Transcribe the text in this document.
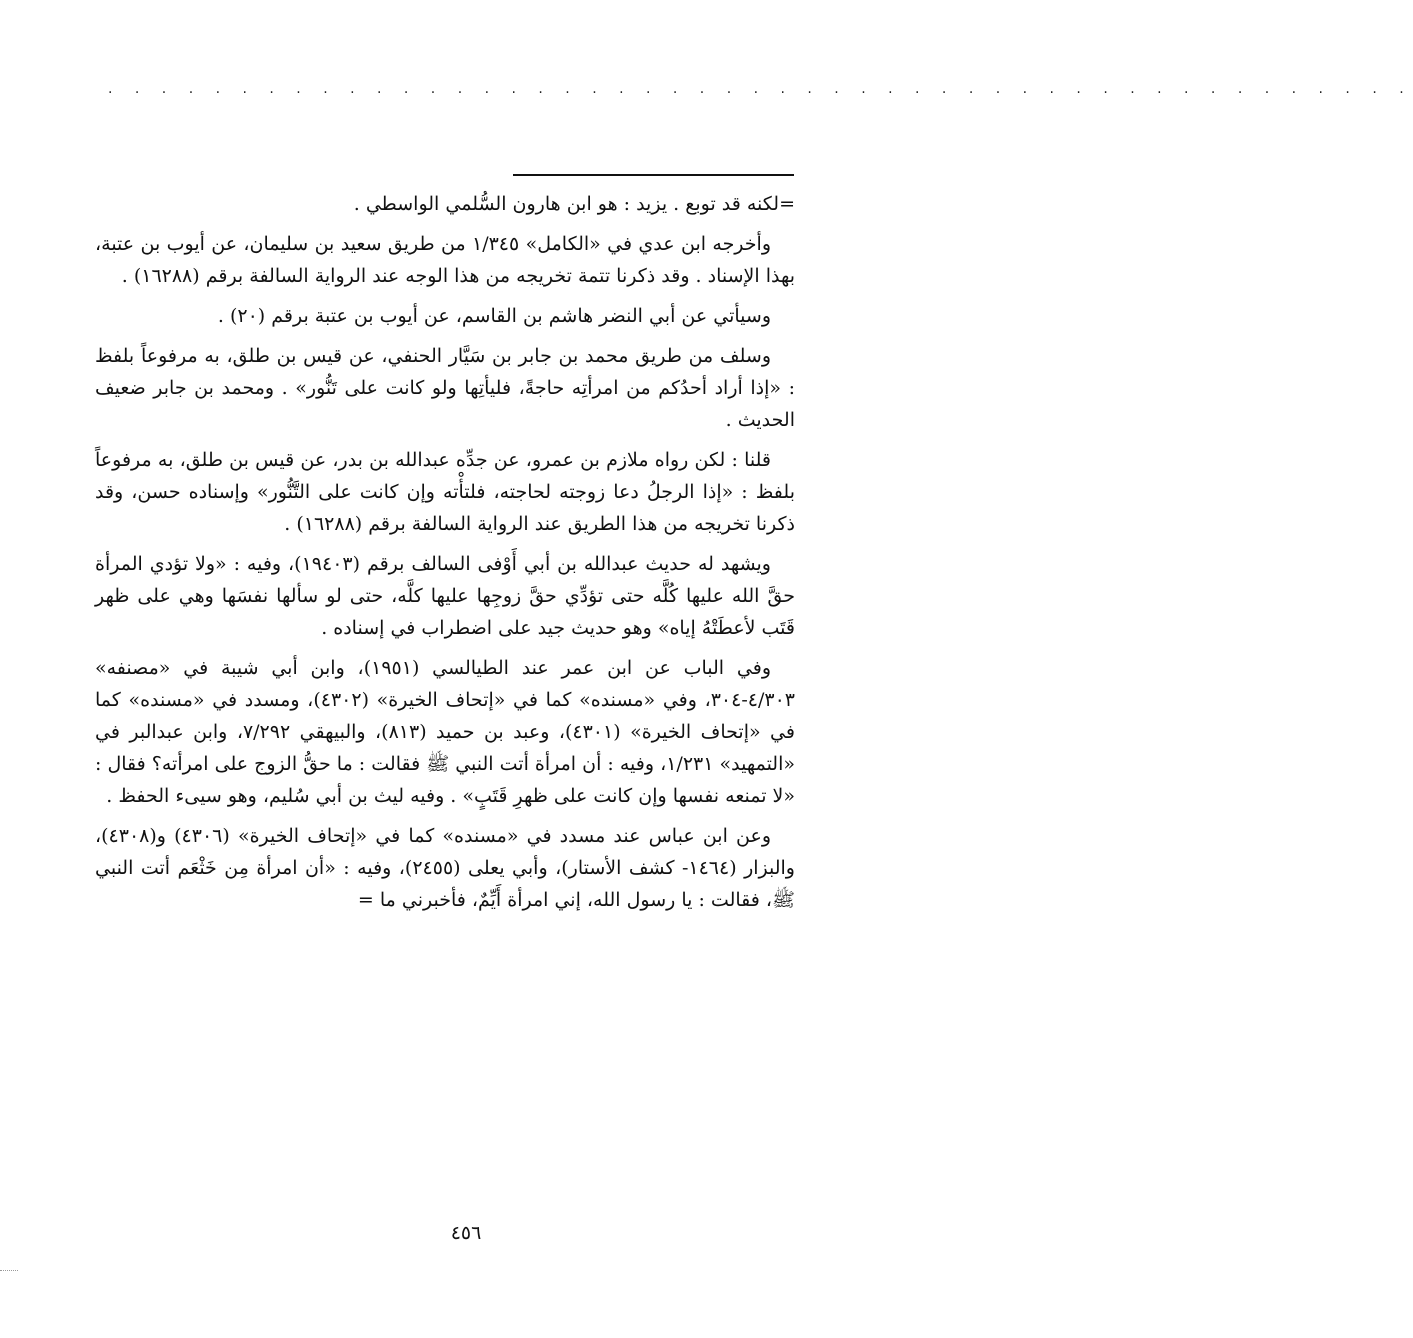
· · · · · · · · · · · · · · · · · · · · · · · · · · · · · · · · · · · · · · · · · · · · · · · · ·

=لكنه قد توبع . يزيد : هو ابن هارون السُّلمي الواسطي .

وأخرجه ابن عدي في «الكامل» ١/٣٤٥ من طريق سعيد بن سليمان، عن أيوب بن عتبة، بهذا الإسناد . وقد ذكرنا تتمة تخريجه من هذا الوجه عند الرواية السالفة برقم (١٦٢٨٨) .

وسيأتي عن أبي النضر هاشم بن القاسم، عن أيوب بن عتبة برقم (٢٠) .

وسلف من طريق محمد بن جابر بن سَيَّار الحنفي، عن قيس بن طلق، به مرفوعاً بلفظ : «إذا أراد أحدُكم من امرأتِه حاجةً، فليأتِها ولو كانت على تَنُّور» . ومحمد بن جابر ضعيف الحديث .

قلنا : لكن رواه ملازم بن عمرو، عن جدِّه عبدالله بن بدر، عن قيس بن طلق، به مرفوعاً بلفظ : «إذا الرجلُ دعا زوجته لحاجته، فلتأْته وإن كانت على التَّنُّور» وإسناده حسن، وقد ذكرنا تخريجه من هذا الطريق عند الرواية السالفة برقم (١٦٢٨٨) .

ويشهد له حديث عبدالله بن أبي أَوْفى السالف برقم (١٩٤٠٣)، وفيه : «ولا تؤدي المرأة حقَّ الله عليها كُلَّه حتى تؤدِّي حقَّ زوجِها عليها كلَّه، حتى لو سألها نفسَها وهي على ظهر قَتَب لأعطَتْهُ إياه» وهو حديث جيد على اضطراب في إسناده .

وفي الباب عن ابن عمر عند الطيالسي (١٩٥١)، وابن أبي شيبة في «مصنفه» ٤/٣٠٣-٣٠٤، وفي «مسنده» كما في «إتحاف الخيرة» (٤٣٠٢)، ومسدد في «مسنده» كما في «إتحاف الخيرة» (٤٣٠١)، وعبد بن حميد (٨١٣)، والبيهقي ٧/٢٩٢، وابن عبدالبر في «التمهيد» ١/٢٣١، وفيه : أن امرأة أتت النبي ﷺ فقالت : ما حقُّ الزوج على امرأته؟ فقال : «لا تمنعه نفسها وإن كانت على ظهرِ قَتَبٍ» . وفيه ليث بن أبي سُليم، وهو سيىء الحفظ .

وعن ابن عباس عند مسدد في «مسنده» كما في «إتحاف الخيرة» (٤٣٠٦) و(٤٣٠٨)، والبزار (١٤٦٤- كشف الأستار)، وأبي يعلى (٢٤٥٥)، وفيه : «أن امرأة مِن خَثْعَم أتت النبي ﷺ، فقالت : يا رسول الله، إني امرأة أَيِّمٌ، فأخبرني ما =

٤٥٦
